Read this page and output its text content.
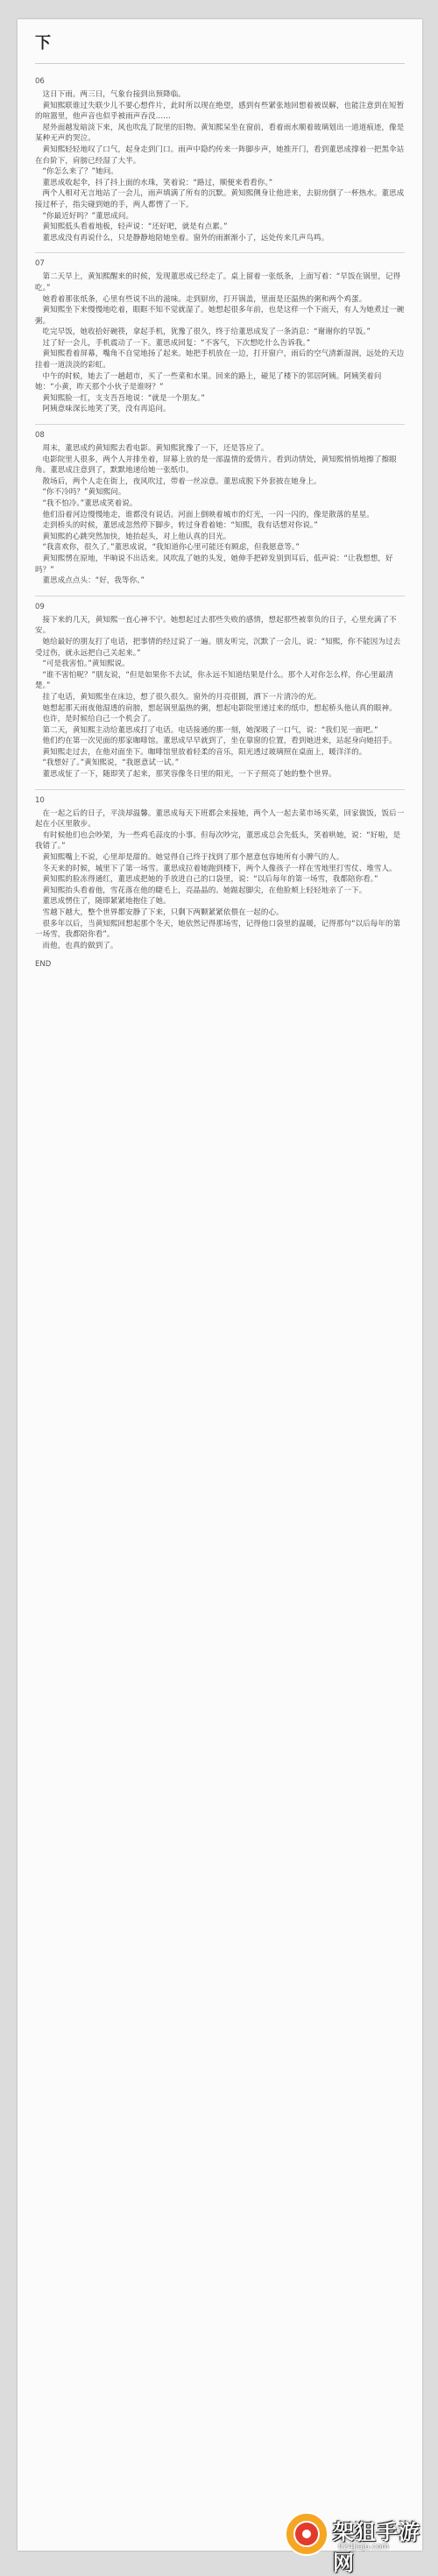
下
06

这日下雨。两三日，气象台接到出预降临。

黄知熙联谁过失联少儿不要心想件片，此时所以现在绝望，感到有些紧张地回想着被误解，也能注意到在短暂的喧嚣里，他声音也似乎被雨声吞没……

屋外面越发暗淡下来，风也吹乱了院里的旧物。黄知熙呆坐在窗前，看着雨水顺着玻璃划出一道道痕迹，像是某种无声的哭泣。

黄知熙轻轻地叹了口气，起身走到门口。雨声中隐约传来一阵脚步声，她推开门，看到董思成撑着一把黑伞站在台阶下，肩膀已经湿了大半。

“你怎么来了？”她问。

董思成收起伞，抖了抖上面的水珠，笑着说：“路过，顺便来看看你。”

两个人相对无言地站了一会儿，雨声填满了所有的沉默。黄知熙侧身让他进来，去厨房倒了一杯热水。董思成接过杯子，指尖碰到她的手，两人都愣了一下。

“你最近好吗？”董思成问。

黄知熙低头看着地板，轻声说：“还好吧，就是有点累。”

董思成没有再说什么，只是静静地陪她坐着。窗外的雨渐渐小了，远处传来几声鸟鸣。

07

第二天早上，黄知熙醒来的时候，发现董思成已经走了。桌上留着一张纸条，上面写着：“早饭在锅里，记得吃。”

她看着那张纸条，心里有些说不出的滋味。走到厨房，打开锅盖，里面是还温热的粥和两个鸡蛋。

黄知熙坐下来慢慢地吃着，眼眶不知不觉就湿了。她想起很多年前，也是这样一个下雨天，有人为她煮过一碗粥。

吃完早饭，她收拾好碗筷，拿起手机，犹豫了很久，终于给董思成发了一条消息：“谢谢你的早饭。”

过了好一会儿，手机震动了一下。董思成回复：“不客气，下次想吃什么告诉我。”

黄知熙看着屏幕，嘴角不自觉地扬了起来。她把手机放在一边，打开窗户，雨后的空气清新湿润，远处的天边挂着一道淡淡的彩虹。

中午的时候，她去了一趟超市，买了一些菜和水果。回来的路上，碰见了楼下的邻居阿姨。阿姨笑着问她：“小黄，昨天那个小伙子是谁呀？”

黄知熙脸一红，支支吾吾地说：“就是一个朋友。”

阿姨意味深长地笑了笑，没有再追问。

08

周末，董思成约黄知熙去看电影。黄知熙犹豫了一下，还是答应了。

电影院里人很多，两个人并排坐着，屏幕上放的是一部温情的爱情片。看到动情处，黄知熙悄悄地擦了擦眼角。董思成注意到了，默默地递给她一张纸巾。

散场后，两个人走在街上，夜风吹过，带着一丝凉意。董思成脱下外套披在她身上。

“你不冷吗？”黄知熙问。

“我不怕冷。”董思成笑着说。

他们沿着河边慢慢地走，谁都没有说话。河面上倒映着城市的灯光，一闪一闪的，像是散落的星星。

走到桥头的时候，董思成忽然停下脚步，转过身看着她：“知熙，我有话想对你说。”

黄知熙的心跳突然加快，她抬起头，对上他认真的目光。

“我喜欢你，很久了。”董思成说，“我知道你心里可能还有顾虑，但我愿意等。”

黄知熙愣在原地，半晌说不出话来。风吹乱了她的头发，她伸手把碎发别到耳后，低声说：“让我想想，好吗？”

董思成点点头：“好，我等你。”

09

接下来的几天，黄知熙一直心神不宁。她想起过去那些失败的感情，想起那些被辜负的日子，心里充满了不安。

她给最好的朋友打了电话，把事情的经过说了一遍。朋友听完，沉默了一会儿，说：“知熙，你不能因为过去受过伤，就永远把自己关起来。”

“可是我害怕。”黄知熙说。

“谁不害怕呢？”朋友说，“但是如果你不去试，你永远不知道结果是什么。那个人对你怎么样，你心里最清楚。”

挂了电话，黄知熙坐在床边，想了很久很久。窗外的月亮很圆，洒下一片清冷的光。

她想起那天雨夜他湿透的肩膀，想起锅里温热的粥，想起电影院里递过来的纸巾，想起桥头他认真的眼神。

也许，是时候给自己一个机会了。

第二天，黄知熙主动给董思成打了电话。电话接通的那一刻，她深吸了一口气，说：“我们见一面吧。”

他们约在第一次见面的那家咖啡馆。董思成早早就到了，坐在靠窗的位置，看到她进来，站起身向她招手。

黄知熙走过去，在他对面坐下。咖啡馆里放着轻柔的音乐，阳光透过玻璃照在桌面上，暖洋洋的。

“我想好了。”黄知熙说，“我愿意试一试。”

董思成怔了一下，随即笑了起来，那笑容像冬日里的阳光，一下子照亮了她的整个世界。

10

在一起之后的日子，平淡却温馨。董思成每天下班都会来接她，两个人一起去菜市场买菜，回家做饭，饭后一起在小区里散步。

有时候他们也会吵架，为一些鸡毛蒜皮的小事。但每次吵完，董思成总会先低头，笑着哄她，说：“好啦，是我错了。”

黄知熙嘴上不说，心里却是甜的。她觉得自己终于找到了那个愿意包容她所有小脾气的人。

冬天来的时候，城里下了第一场雪。董思成拉着她跑到楼下，两个人像孩子一样在雪地里打雪仗、堆雪人。

黄知熙的脸冻得通红，董思成把她的手放进自己的口袋里，说：“以后每年的第一场雪，我都陪你看。”

黄知熙抬头看着他，雪花落在他的睫毛上，亮晶晶的。她踮起脚尖，在他脸颊上轻轻地亲了一下。

董思成愣住了，随即紧紧地抱住了她。

雪越下越大，整个世界都安静了下来，只剩下两颗紧紧依偎在一起的心。

很多年以后，当黄知熙回想起那个冬天，她依然记得那场雪，记得他口袋里的温暖，记得那句“以后每年的第一场雪，我都陪你看”。

而他，也真的做到了。

END
架狙手游网
024jiaju.com
